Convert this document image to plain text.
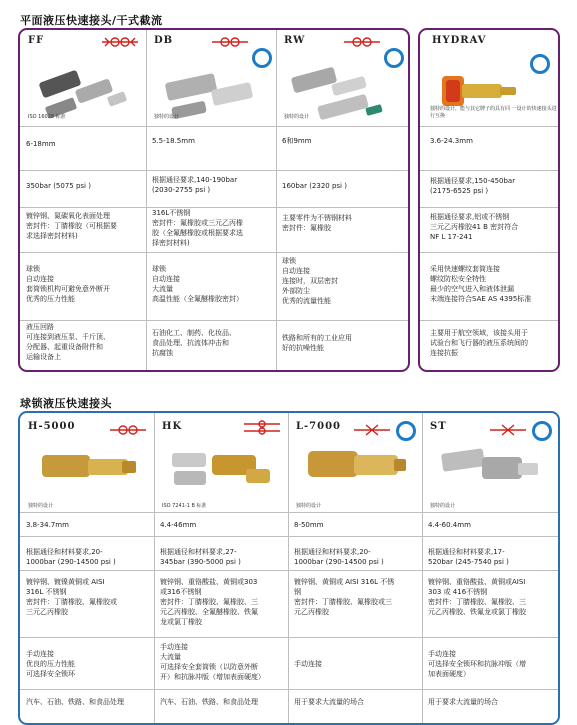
平面液压快速接头/干式截流
FF
ISO 16028 标准
6-18mm
350bar (5075 psi )
镀锌钢、氮碳氧化表面处理
密封件：丁腈橡胶（可根据要
求选择密封材料)
球锁
自动连接
套筒锁机构可避免意外断开
优秀的压力性能
液压回路
可连接到液压泵、千斤顶、
分配器、起重设备附件和
运输设备上
DB
独特的设计
5.5-18.5mm
根据通径要求,140-190bar
(2030-2755 psi )
316L不锈钢
密封件：氟橡胶或三元乙丙橡
胶（全氟醚橡胶或根据要求选
择密封材料)
球锁
自动连接
大流量
高温性能（全氟醚橡胶密封）
石油化工、制药、化妆品、
食品处理、抗流体冲击和
抗腐蚀
RW
独特的设计
6和9mm
160bar (2320 psi )
主要零件为不锈钢材料
密封件：氟橡胶
球锁
自动连接
连接时，双层密封
外部防尘
优秀的流量性能
铁路和所有的工业应用
好的抗噪性能
HYDRAV
独特的设计，能与其它牌子的具有同 一设计的快速接头进行互换
3.6-24.3mm
根据通径要求,150-450bar
(2175-6525 psi )
根据通径要求,铝或不锈钢
三元乙丙橡胶41 B 密封符合
NF L 17-241
采用快速螺纹套筒连接
螺纹防松安全特性
最少的空气进入和液体泄漏
末端连接符合SAE AS 4395标准
主要用于航空领域，该接头用于
试验台和飞行器的液压系统间的
连接抗振
球锁液压快速接头
H-5000
独特的设计
3.8-34.7mm
根据通径和材料要求,20-
1000bar (290-14500 psi )
镀锌钢、镀镍黄铜或 AISI
316L 不锈钢
密封件：丁腈橡胶、氟橡胶或
三元乙丙橡胶
手动连接
优良的压力性能
可选择安全锁环
汽车、石油、铁路、和食品处理
HK
ISO 7241-1 B 标准
4.4-46mm
根据通径和材料要求,27-
345bar (390-5000 psi )
镀锌钢、重铬酸盐、黄铜或303
或316不锈钢
密封件：丁腈橡胶、氟橡胶、三
元乙丙橡胶、全氟醚橡胶、铁氟
龙或氯丁橡胶
手动连接
大流量
可选择安全套筒锁（以防意外断
开）和抗脉冲版（增加表面硬度）
汽车、石油、铁路、和食品处理
L-7000
独特的设计
8-50mm
根据通径和材料要求,20-
1000bar (290-14500 psi )
镀锌钢、黄铜或 AISI 316L 不锈
钢
密封件：丁腈橡胶、氟橡胶或三
元乙丙橡胶
手动连接
用于要求大流量的场合
ST
独特的设计
4.4-60.4mm
根据通径和材料要求,17-
520bar (245-7540 psi )
镀锌钢、重铬酸盐、黄铜或AISI
303 或 416不锈钢
密封件：丁腈橡胶、氟橡胶、三
元乙丙橡胶、铁氟龙或氯丁橡胶
手动连接
可选择安全锁环和抗脉冲版（增
加表面硬度）
用于要求大流量的场合
